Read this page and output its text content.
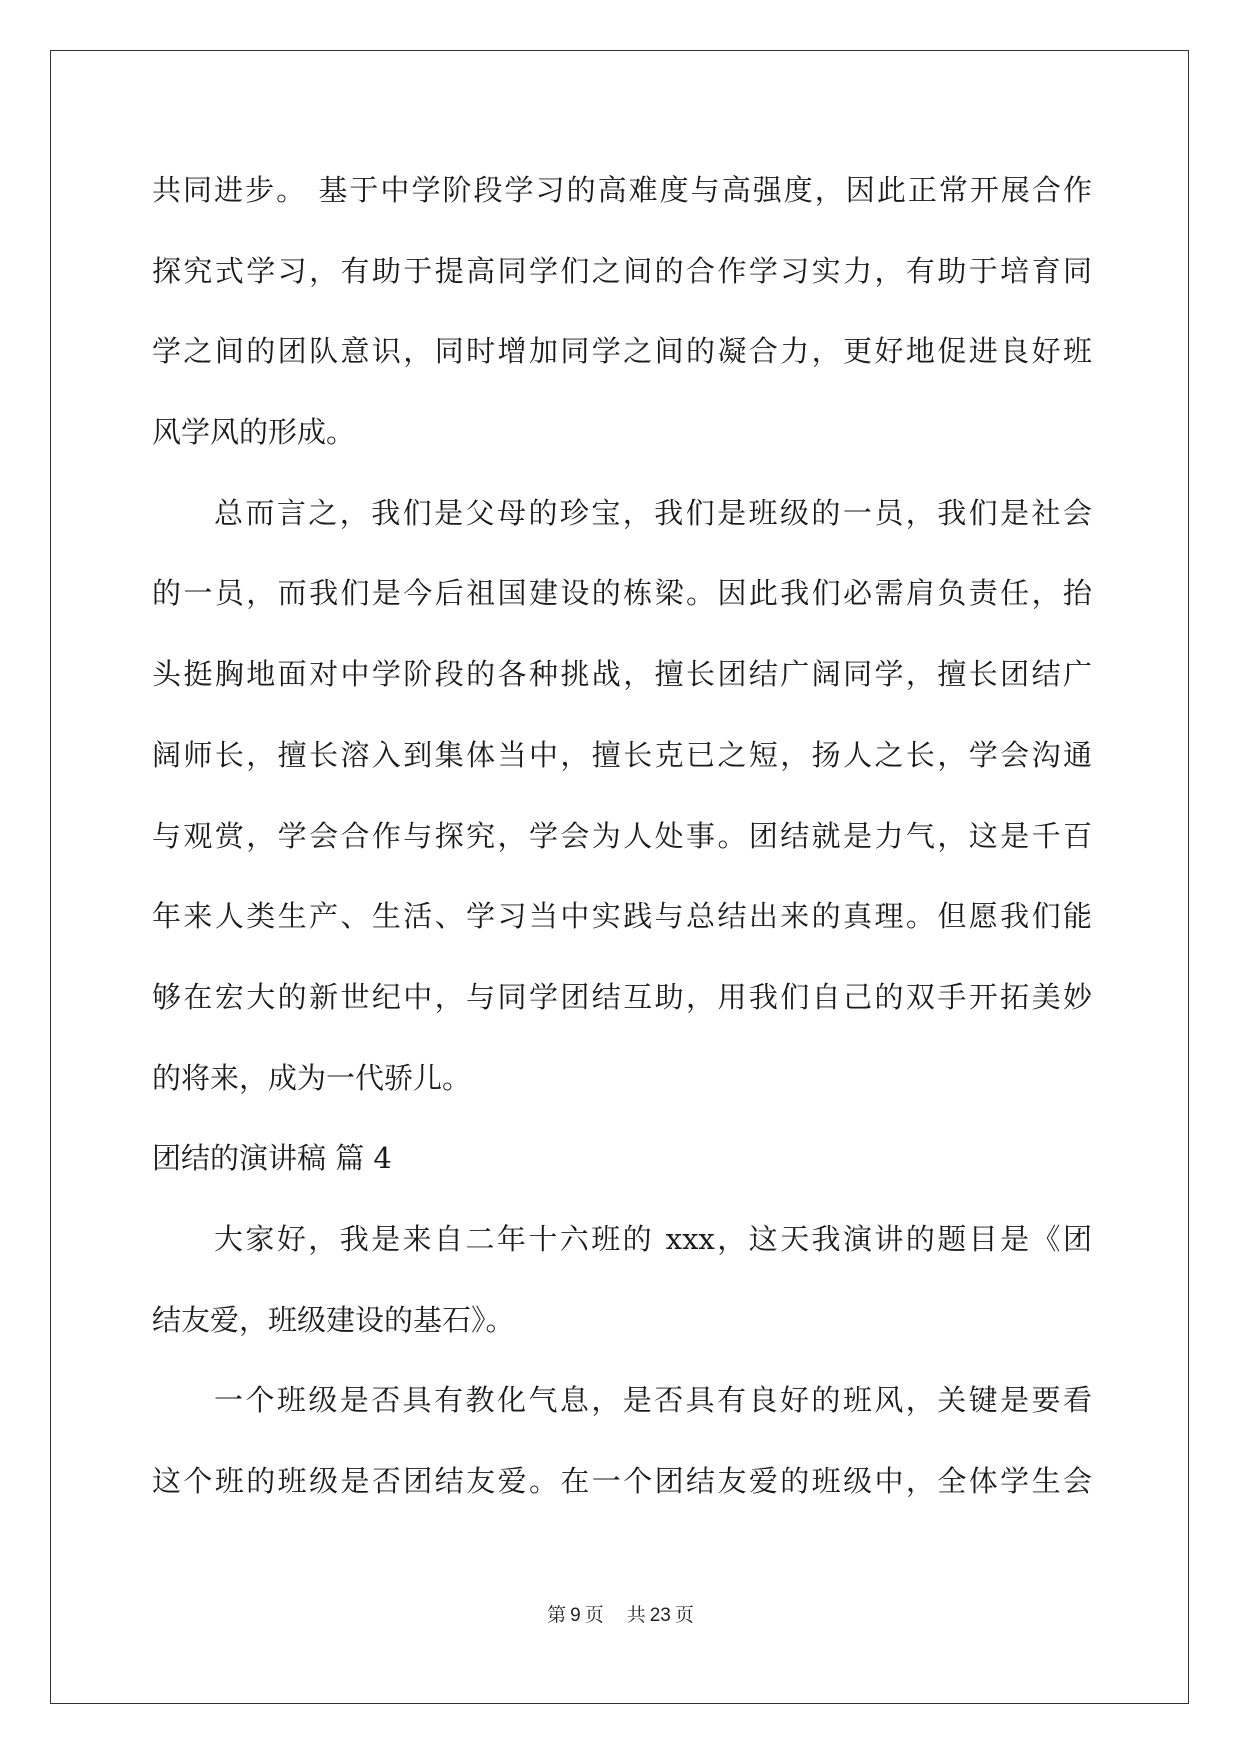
共同进步。 基于中学阶段学习的高难度与高强度，因此正常开展合作
探究式学习，有助于提高同学们之间的合作学习实力，有助于培育同
学之间的团队意识，同时增加同学之间的凝合力，更好地促进良好班
风学风的形成。
总而言之，我们是父母的珍宝，我们是班级的一员，我们是社会
的一员，而我们是今后祖国建设的栋梁。因此我们必需肩负责任，抬
头挺胸地面对中学阶段的各种挑战，擅长团结广阔同学，擅长团结广
阔师长，擅长溶入到集体当中，擅长克已之短，扬人之长，学会沟通
与观赏，学会合作与探究，学会为人处事。团结就是力气，这是千百
年来人类生产、生活、学习当中实践与总结出来的真理。但愿我们能
够在宏大的新世纪中，与同学团结互助，用我们自己的双手开拓美妙
的将来，成为一代骄儿。
团结的演讲稿 篇 4
大家好，我是来自二年十六班的 xxx，这天我演讲的题目是《团
结友爱，班级建设的基石》。
一个班级是否具有教化气息，是否具有良好的班风，关键是要看
这个班的班级是否团结友爱。在一个团结友爱的班级中，全体学生会
第 9 页 共 23 页
